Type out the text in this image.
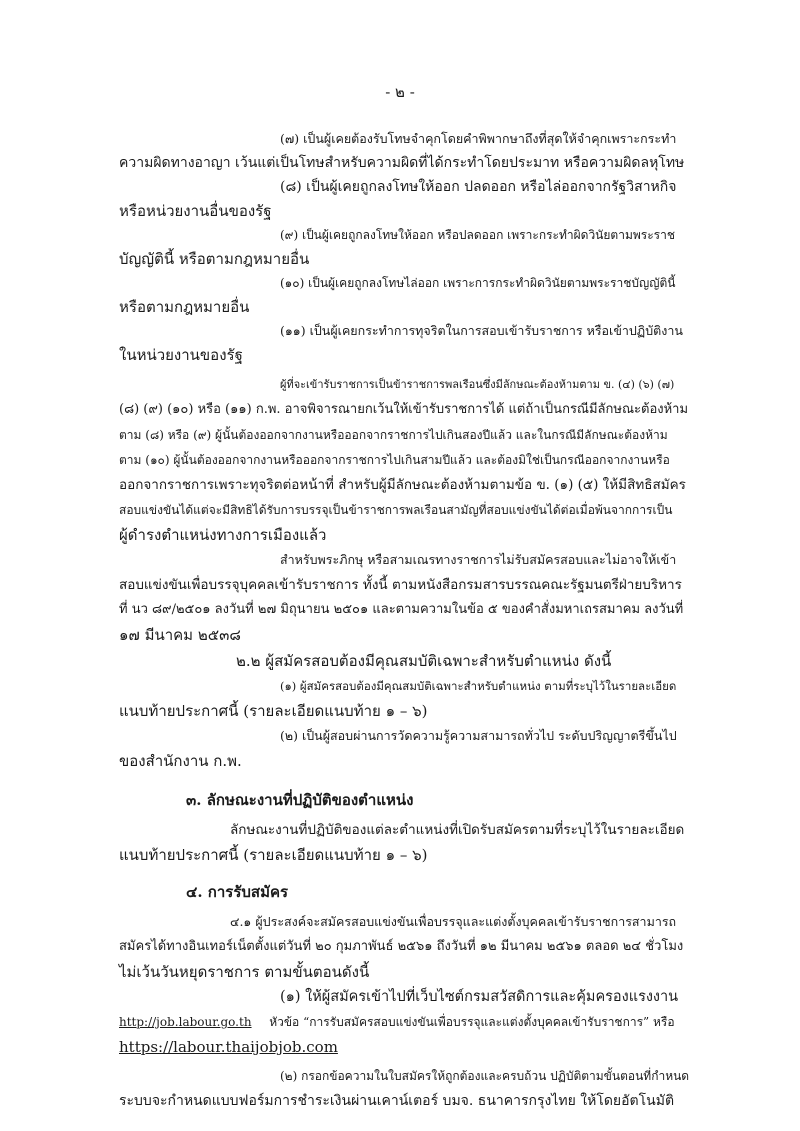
- ๒ -
(๗) เป็นผู้เคยต้องรับโทษจำคุกโดยคำพิพากษาถึงที่สุดให้จำคุกเพราะกระทำ
ความผิดทางอาญา เว้นแต่เป็นโทษสำหรับความผิดที่ได้กระทำโดยประมาท หรือความผิดลหุโทษ
(๘) เป็นผู้เคยถูกลงโทษให้ออก ปลดออก หรือไล่ออกจากรัฐวิสาหกิจ
หรือหน่วยงานอื่นของรัฐ
(๙) เป็นผู้เคยถูกลงโทษให้ออก หรือปลดออก เพราะกระทำผิดวินัยตามพระราช
บัญญัตินี้ หรือตามกฎหมายอื่น
(๑๐) เป็นผู้เคยถูกลงโทษไล่ออก เพราะการกระทำผิดวินัยตามพระราชบัญญัตินี้
หรือตามกฎหมายอื่น
(๑๑) เป็นผู้เคยกระทำการทุจริตในการสอบเข้ารับราชการ หรือเข้าปฏิบัติงาน
ในหน่วยงานของรัฐ
ผู้ที่จะเข้ารับราชการเป็นข้าราชการพลเรือนซึ่งมีลักษณะต้องห้ามตาม ข. (๔) (๖) (๗)
(๘) (๙) (๑๐) หรือ (๑๑) ก.พ. อาจพิจารณายกเว้นให้เข้ารับราชการได้ แต่ถ้าเป็นกรณีมีลักษณะต้องห้าม
ตาม (๘) หรือ (๙) ผู้นั้นต้องออกจากงานหรือออกจากราชการไปเกินสองปีแล้ว และในกรณีมีลักษณะต้องห้าม
ตาม (๑๐) ผู้นั้นต้องออกจากงานหรือออกจากราชการไปเกินสามปีแล้ว และต้องมิใช่เป็นกรณีออกจากงานหรือ
ออกจากราชการเพราะทุจริตต่อหน้าที่ สำหรับผู้มีลักษณะต้องห้ามตามข้อ ข. (๑) (๕) ให้มีสิทธิสมัคร
สอบแข่งขันได้แต่จะมีสิทธิได้รับการบรรจุเป็นข้าราชการพลเรือนสามัญที่สอบแข่งขันได้ต่อเมื่อพ้นจากการเป็น
ผู้ดำรงตำแหน่งทางการเมืองแล้ว
สำหรับพระภิกษุ หรือสามเณรทางราชการไม่รับสมัครสอบและไม่อาจให้เข้า
สอบแข่งขันเพื่อบรรจุบุคคลเข้ารับราชการ ทั้งนี้ ตามหนังสือกรมสารบรรณคณะรัฐมนตรีฝ่ายบริหาร
ที่ นว ๘๙/๒๕๐๑ ลงวันที่ ๒๗ มิถุนายน ๒๕๐๑ และตามความในข้อ ๕ ของคำสั่งมหาเถรสมาคม ลงวันที่
๑๗ มีนาคม ๒๕๓๘
๒.๒ ผู้สมัครสอบต้องมีคุณสมบัติเฉพาะสำหรับตำแหน่ง ดังนี้
(๑) ผู้สมัครสอบต้องมีคุณสมบัติเฉพาะสำหรับตำแหน่ง ตามที่ระบุไว้ในรายละเอียด
แนบท้ายประกาศนี้ (รายละเอียดแนบท้าย ๑ – ๖)
(๒) เป็นผู้สอบผ่านการวัดความรู้ความสามารถทั่วไป ระดับปริญญาตรีขึ้นไป
ของสำนักงาน ก.พ.
๓. ลักษณะงานที่ปฏิบัติของตำแหน่ง
ลักษณะงานที่ปฏิบัติของแต่ละตำแหน่งที่เปิดรับสมัครตามที่ระบุไว้ในรายละเอียด
แนบท้ายประกาศนี้ (รายละเอียดแนบท้าย ๑ – ๖)
๔. การรับสมัคร
๔.๑ ผู้ประสงค์จะสมัครสอบแข่งขันเพื่อบรรจุและแต่งตั้งบุคคลเข้ารับราชการสามารถ
สมัครได้ทางอินเทอร์เน็ตตั้งแต่วันที่ ๒๐ กุมภาพันธ์ ๒๕๖๑ ถึงวันที่ ๑๒ มีนาคม ๒๕๖๑ ตลอด ๒๔ ชั่วโมง
ไม่เว้นวันหยุดราชการ ตามขั้นตอนดังนี้
(๑) ให้ผู้สมัครเข้าไปที่เว็บไซต์กรมสวัสดิการและคุ้มครองแรงงาน
http://job.labour.go.th หัวข้อ “การรับสมัครสอบแข่งขันเพื่อบรรจุและแต่งตั้งบุคคลเข้ารับราชการ” หรือ
https://labour.thaijobjob.com
(๒) กรอกข้อความในใบสมัครให้ถูกต้องและครบถ้วน ปฏิบัติตามขั้นตอนที่กำหนด
ระบบจะกำหนดแบบฟอร์มการชำระเงินผ่านเคาน์เตอร์ บมจ. ธนาคารกรุงไทย ให้โดยอัตโนมัติ
